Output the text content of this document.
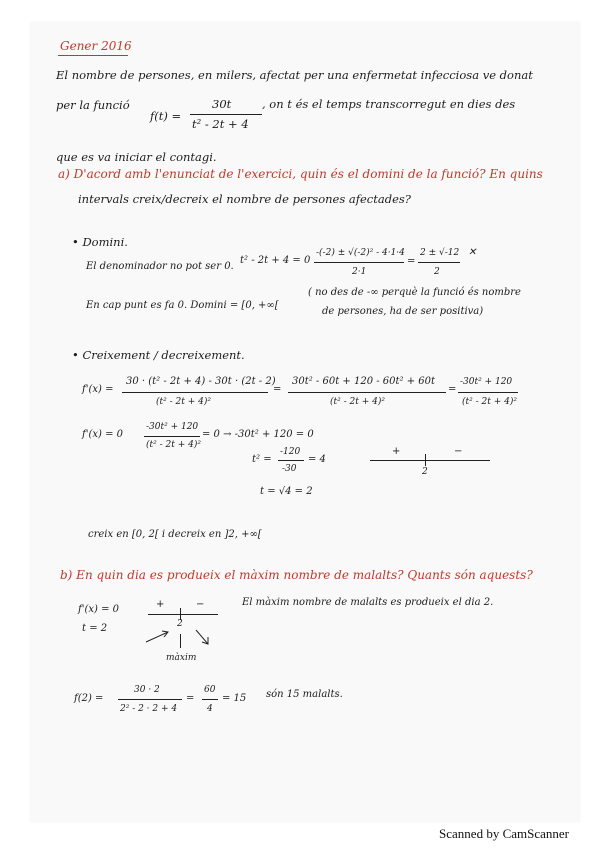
Gener 2016
El nombre de persones, en milers, afectat per una enfermetat infecciosa ve donat
per la funció
f(t) =
30t
t² - 2t + 4
, on t és el temps transcorregut en dies des
que es va iniciar el contagi.
a) D'acord amb l'enunciat de l'exercici, quin és el domini de la funció? En quins
intervals creix/decreix el nombre de persones afectades?
• Domini.
El denominador no pot ser 0.
t² - 2t + 4 = 0
-(-2) ± √(-2)² - 4·1·4
2·1
=
2 ± √-12
2
✕
En cap punt es fa 0. Domini = [0, +∞[
( no des de -∞ perquè la funció és nombre
de persones, ha de ser positiva)
• Creixement / decreixement.
f'(x) =
30 · (t² - 2t + 4) - 30t · (2t - 2)
(t² - 2t + 4)²
=
30t² - 60t + 120 - 60t² + 60t
(t² - 2t + 4)²
=
-30t² + 120
(t² - 2t + 4)²
f'(x) = 0
-30t² + 120
(t² - 2t + 4)²
= 0 → -30t² + 120 = 0
t² =
-120
-30
= 4
t = √4 = 2
+	−
2
creix en [0, 2[ i decreix en ]2, +∞[
b) En quin dia es produeix el màxim nombre de malalts? Quants són aquests?
f'(x) = 0
t = 2
+	−
2
màxim
El màxim nombre de malalts es produeix el dia 2.
f(2) =
30 · 2
2² - 2 · 2 + 4
=
60
4
= 15 són 15 malalts.
Scanned by CamScanner
